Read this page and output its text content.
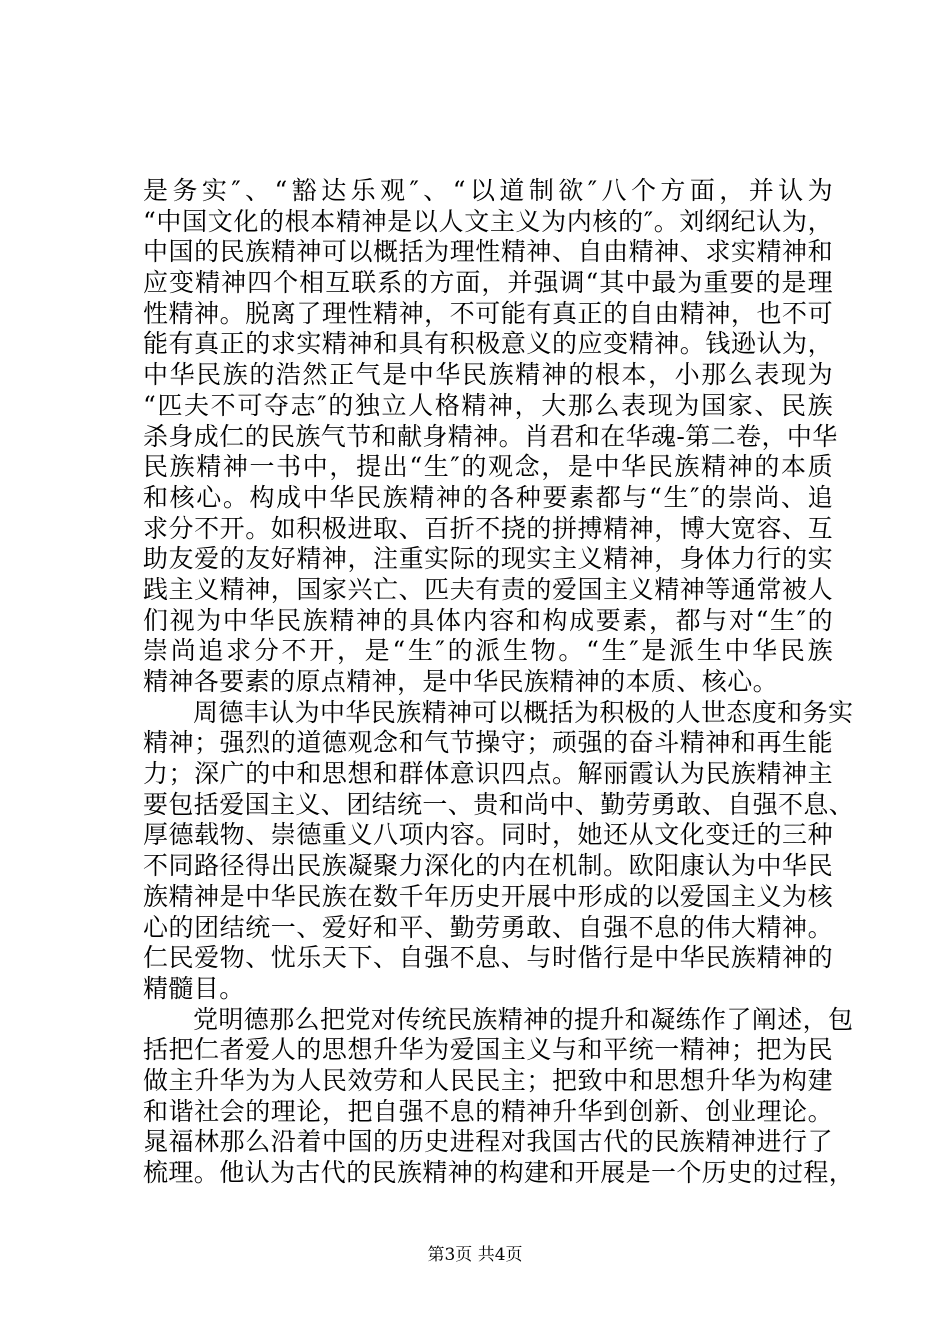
是务实″、“豁达乐观″、“以道制欲″八个方面，并认为
“中国文化的根本精神是以人文主义为内核的″。刘纲纪认为，
中国的民族精神可以概括为理性精神、自由精神、求实精神和
应变精神四个相互联系的方面，并强调“其中最为重要的是理
性精神。脱离了理性精神，不可能有真正的自由精神，也不可
能有真正的求实精神和具有积极意义的应变精神。钱逊认为，
中华民族的浩然正气是中华民族精神的根本，小那么表现为
“匹夫不可夺志″的独立人格精神，大那么表现为国家、民族
杀身成仁的民族气节和献身精神。肖君和在华魂-第二卷，中华
民族精神一书中，提出“生″的观念，是中华民族精神的本质
和核心。构成中华民族精神的各种要素都与“生″的崇尚、追
求分不开。如积极进取、百折不挠的拼搏精神，博大宽容、互
助友爱的友好精神，注重实际的现实主义精神，身体力行的实
践主义精神，国家兴亡、匹夫有责的爱国主义精神等通常被人
们视为中华民族精神的具体内容和构成要素，都与对“生″的
崇尚追求分不开，是“生″的派生物。“生″是派生中华民族
精神各要素的原点精神，是中华民族精神的本质、核心。

周德丰认为中华民族精神可以概括为积极的人世态度和务实
精神；强烈的道德观念和气节操守；顽强的奋斗精神和再生能
力；深广的中和思想和群体意识四点。解丽霞认为民族精神主
要包括爱国主义、团结统一、贵和尚中、勤劳勇敢、自强不息、
厚德载物、崇德重义八项内容。同时，她还从文化变迁的三种
不同路径得出民族凝聚力深化的内在机制。欧阳康认为中华民
族精神是中华民族在数千年历史开展中形成的以爱国主义为核
心的团结统一、爱好和平、勤劳勇敢、自强不息的伟大精神。
仁民爱物、忧乐天下、自强不息、与时偕行是中华民族精神的
精髓目。

党明德那么把党对传统民族精神的提升和凝练作了阐述，包
括把仁者爱人的思想升华为爱国主义与和平统一精神；把为民
做主升华为为人民效劳和人民民主；把致中和思想升华为构建
和谐社会的理论，把自强不息的精神升华到创新、创业理论。
晁福林那么沿着中国的历史进程对我国古代的民族精神进行了
梳理。他认为古代的民族精神的构建和开展是一个历史的过程，

第3页 共4页
